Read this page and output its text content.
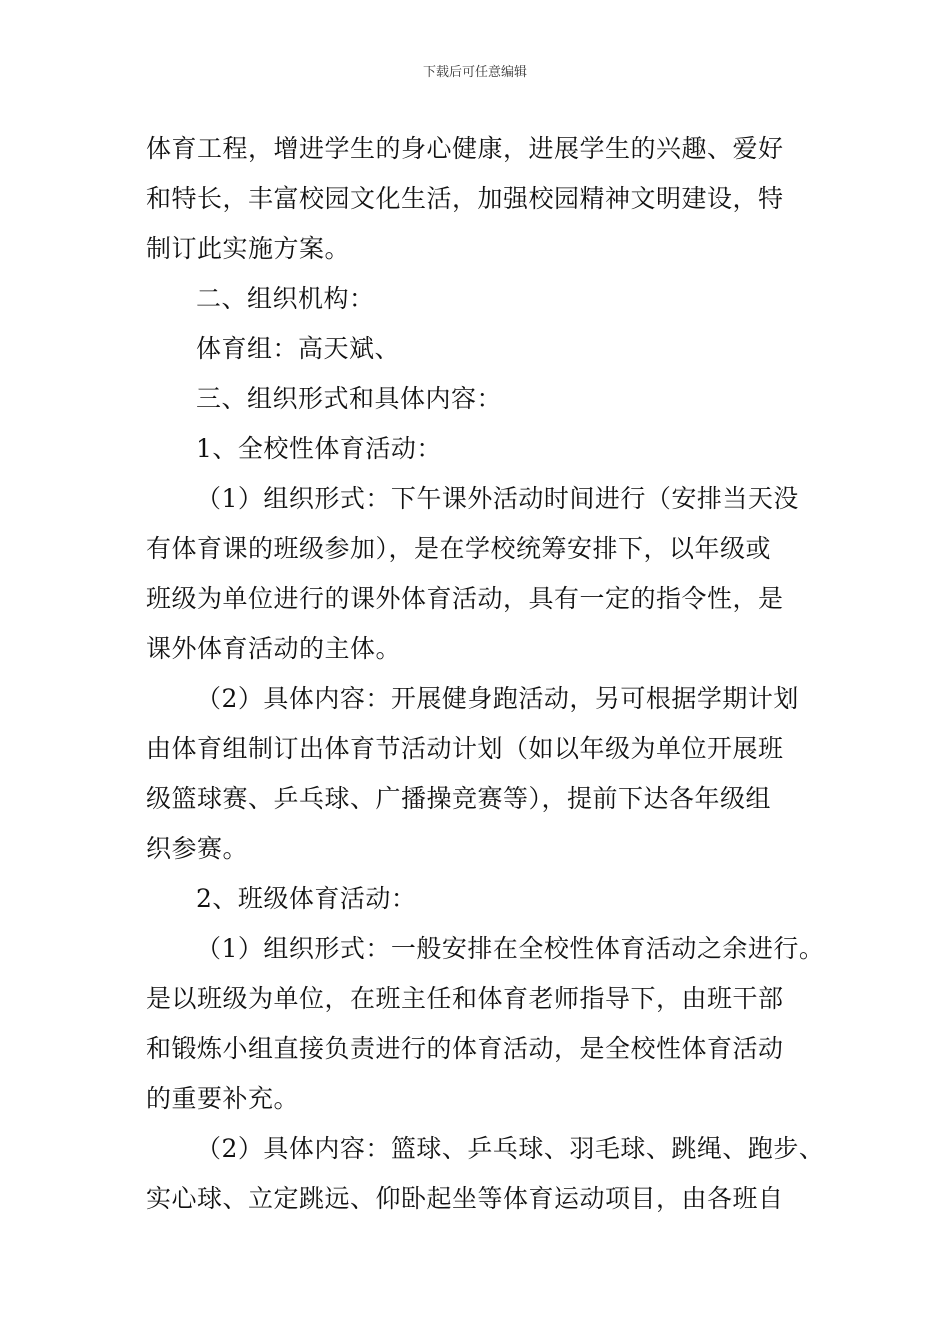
下载后可任意编辑
体育工程，增进学生的身心健康，进展学生的兴趣、爱好
和特长，丰富校园文化生活，加强校园精神文明建设，特
制订此实施方案。
二、组织机构：
体育组：高天斌、
三、组织形式和具体内容：
1、全校性体育活动：
（1）组织形式：下午课外活动时间进行（安排当天没
有体育课的班级参加），是在学校统筹安排下，以年级或
班级为单位进行的课外体育活动，具有一定的指令性，是
课外体育活动的主体。
（2）具体内容：开展健身跑活动，另可根据学期计划
由体育组制订出体育节活动计划（如以年级为单位开展班
级篮球赛、乒乓球、广播操竞赛等），提前下达各年级组
织参赛。
2、班级体育活动：
（1）组织形式：一般安排在全校性体育活动之余进行。
是以班级为单位，在班主任和体育老师指导下，由班干部
和锻炼小组直接负责进行的体育活动，是全校性体育活动
的重要补充。
（2）具体内容：篮球、乒乓球、羽毛球、跳绳、跑步、
实心球、立定跳远、仰卧起坐等体育运动项目，由各班自
